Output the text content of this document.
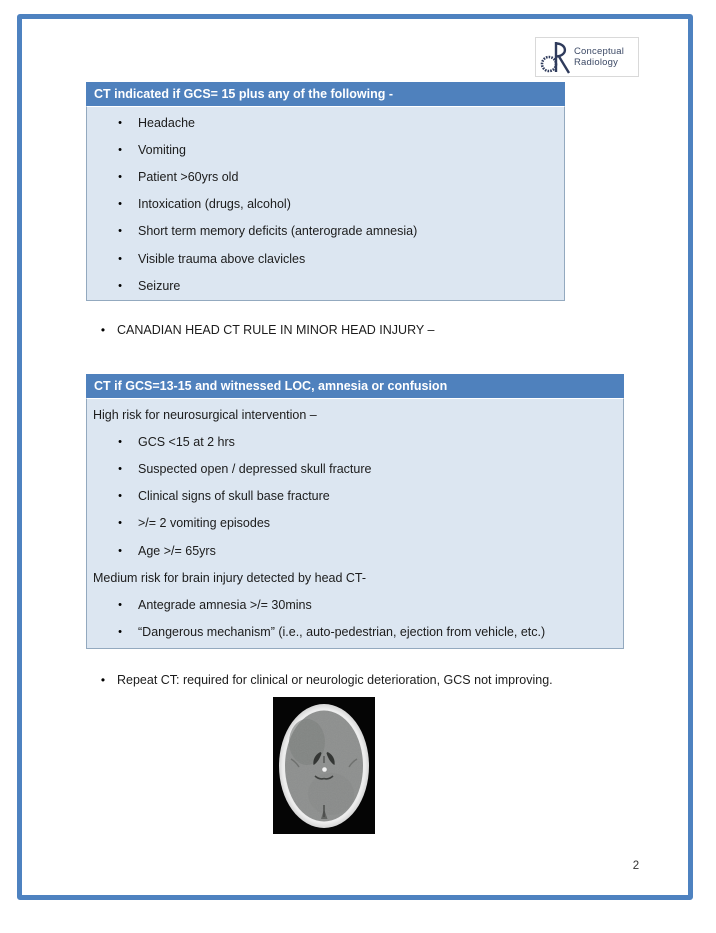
Conceptual
Radiology
CT indicated if GCS= 15 plus any of the following -
• Headache
• Vomiting
• Patient >60yrs old
• Intoxication (drugs, alcohol)
• Short term memory deficits (anterograde amnesia)
• Visible trauma above clavicles
• Seizure
• CANADIAN HEAD CT RULE IN MINOR HEAD INJURY –
CT if GCS=13-15 and witnessed LOC, amnesia or confusion
High risk for neurosurgical intervention –
• GCS <15 at 2 hrs
• Suspected open / depressed skull fracture
• Clinical signs of skull base fracture
• >/= 2 vomiting episodes
• Age >/= 65yrs
Medium risk for brain injury detected by head CT-
• Antegrade amnesia >/= 30mins
• “Dangerous mechanism” (i.e., auto-pedestrian, ejection from vehicle, etc.)
• Repeat CT: required for clinical or neurologic deterioration, GCS not improving.
2
